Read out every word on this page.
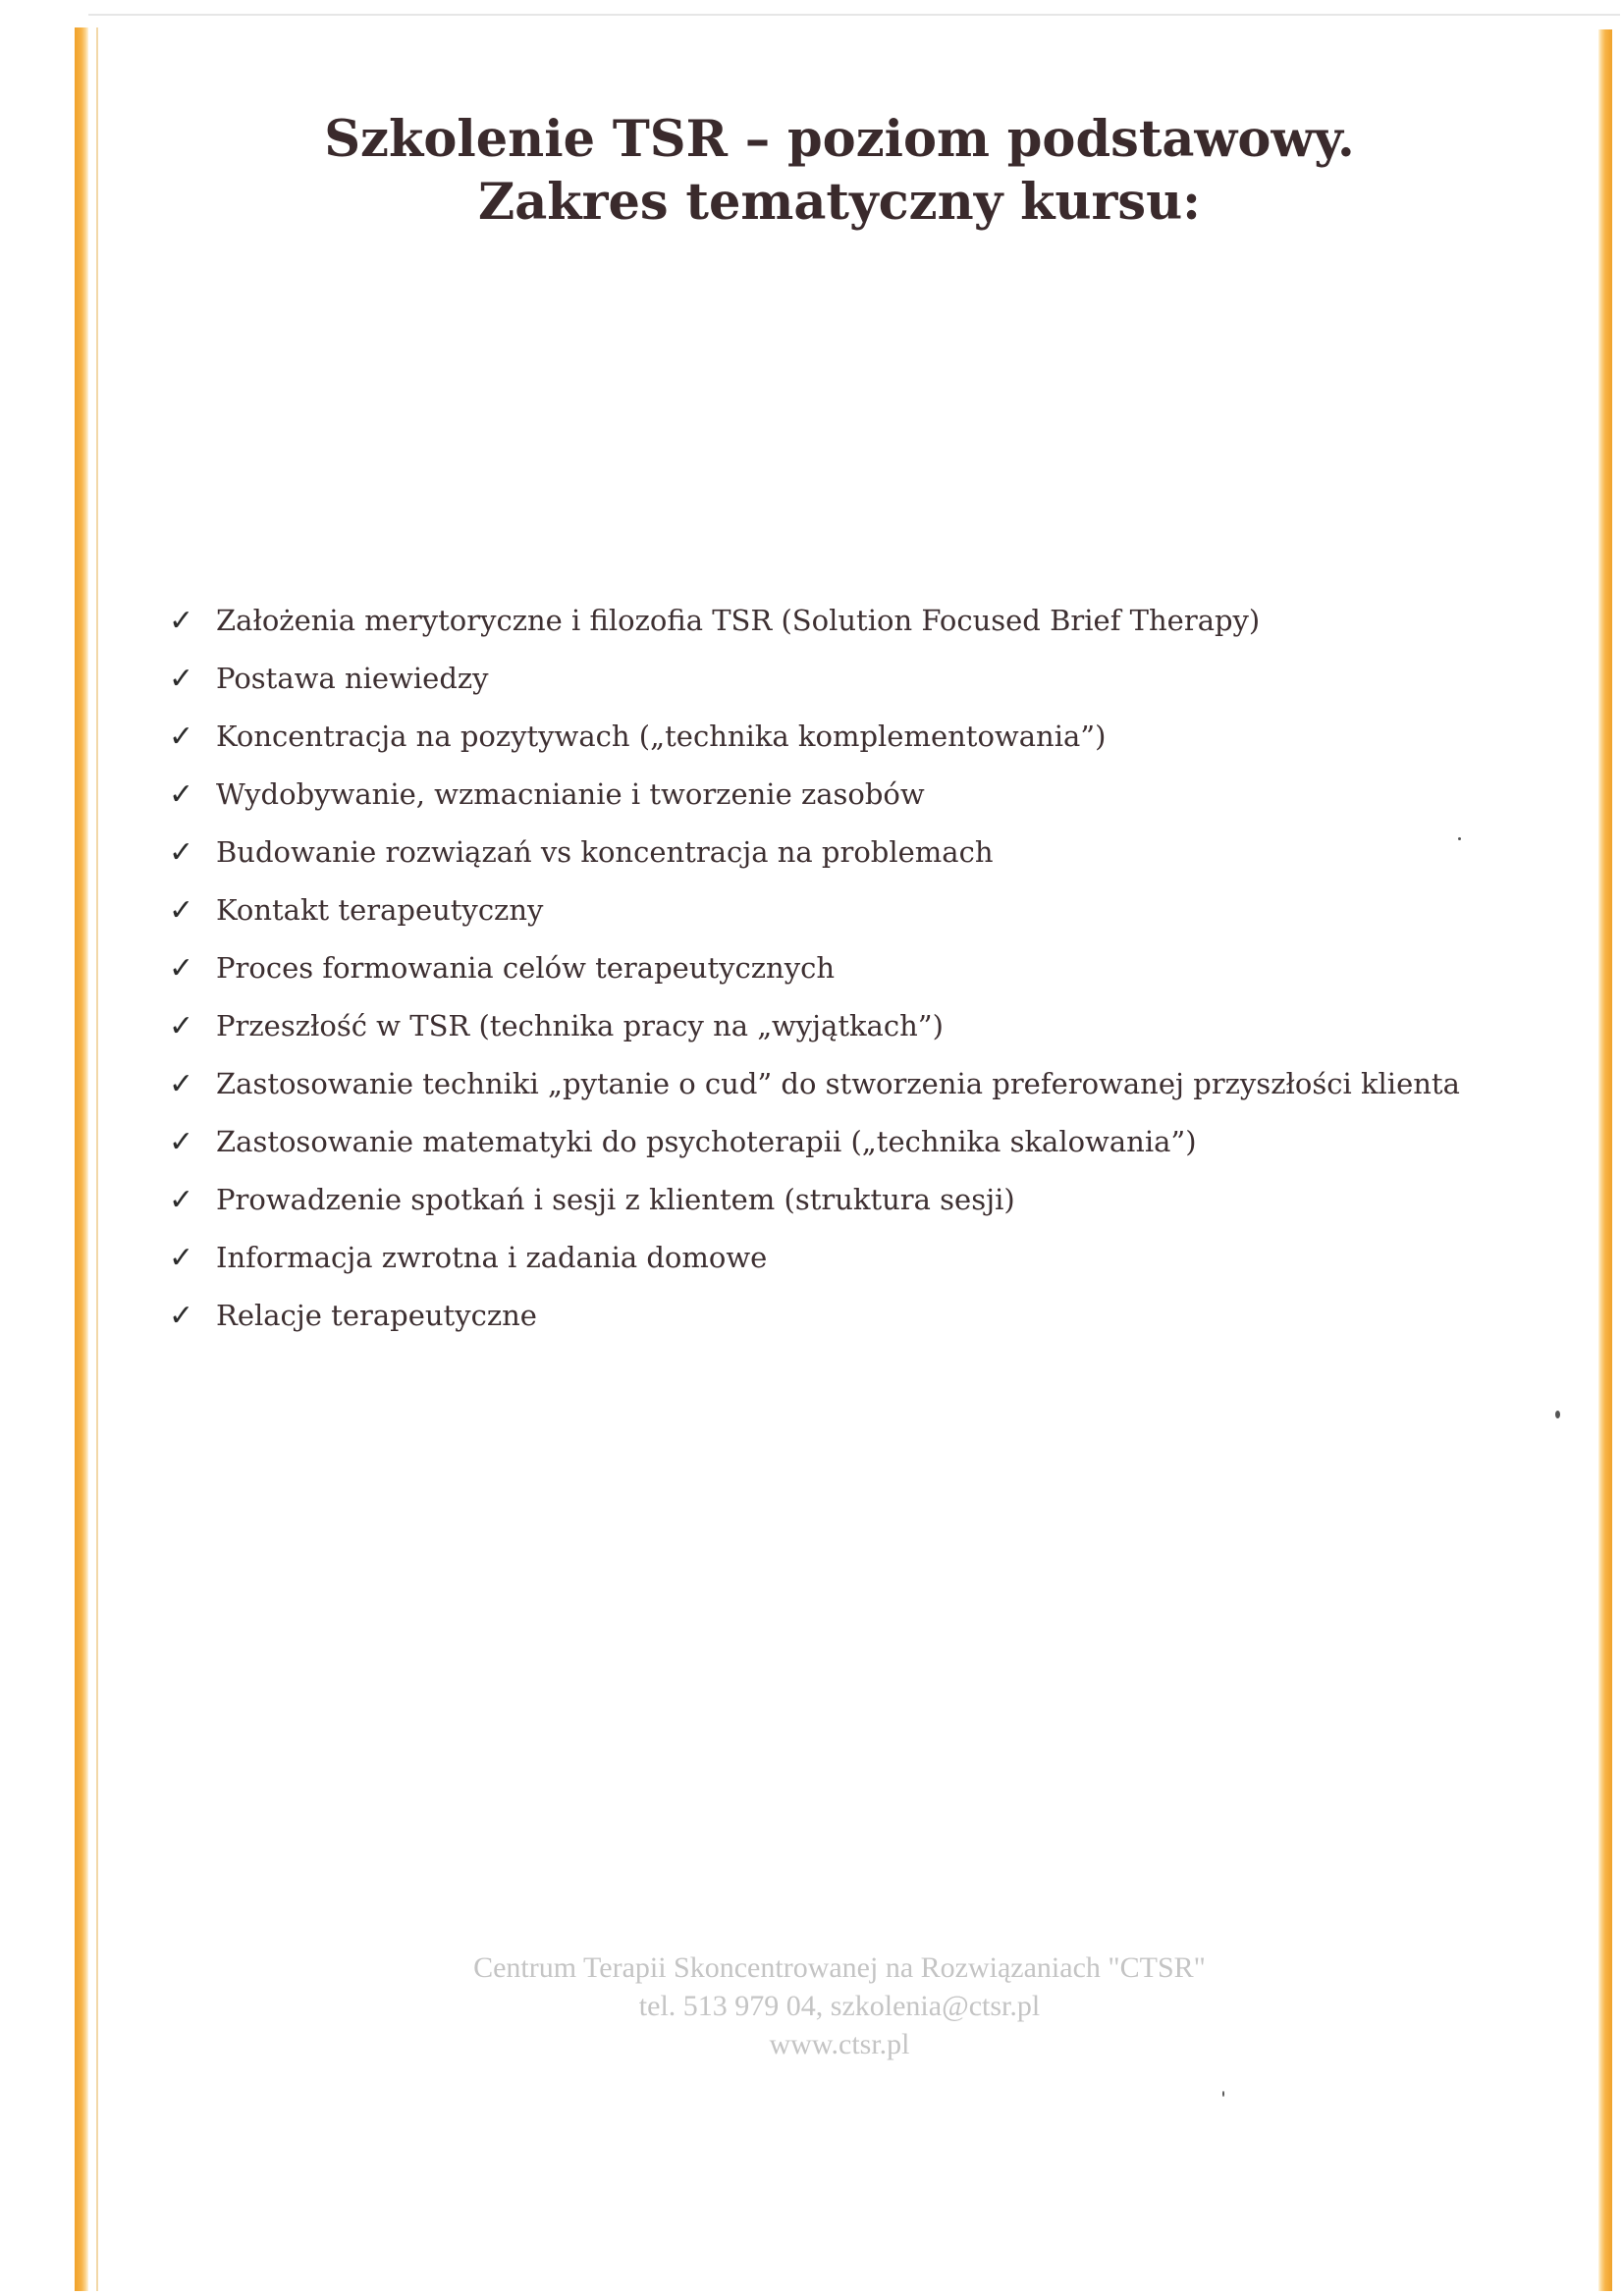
Szkolenie TSR – poziom podstawowy.
Zakres tematyczny kursu:
✓ Założenia merytoryczne i filozofia TSR (Solution Focused Brief Therapy)
✓ Postawa niewiedzy
✓ Koncentracja na pozytywach („technika komplementowania”)
✓ Wydobywanie, wzmacnianie i tworzenie zasobów
✓ Budowanie rozwiązań vs koncentracja na problemach
✓ Kontakt terapeutyczny
✓ Proces formowania celów terapeutycznych
✓ Przeszłość w TSR (technika pracy na „wyjątkach”)
✓ Zastosowanie techniki „pytanie o cud” do stworzenia preferowanej przyszłości klienta
✓ Zastosowanie matematyki do psychoterapii („technika skalowania”)
✓ Prowadzenie spotkań i sesji z klientem (struktura sesji)
✓ Informacja zwrotna i zadania domowe
✓ Relacje terapeutyczne
Centrum Terapii Skoncentrowanej na Rozwiązaniach "CTSR"
tel. 513 979 04, szkolenia@ctsr.pl
www.ctsr.pl
